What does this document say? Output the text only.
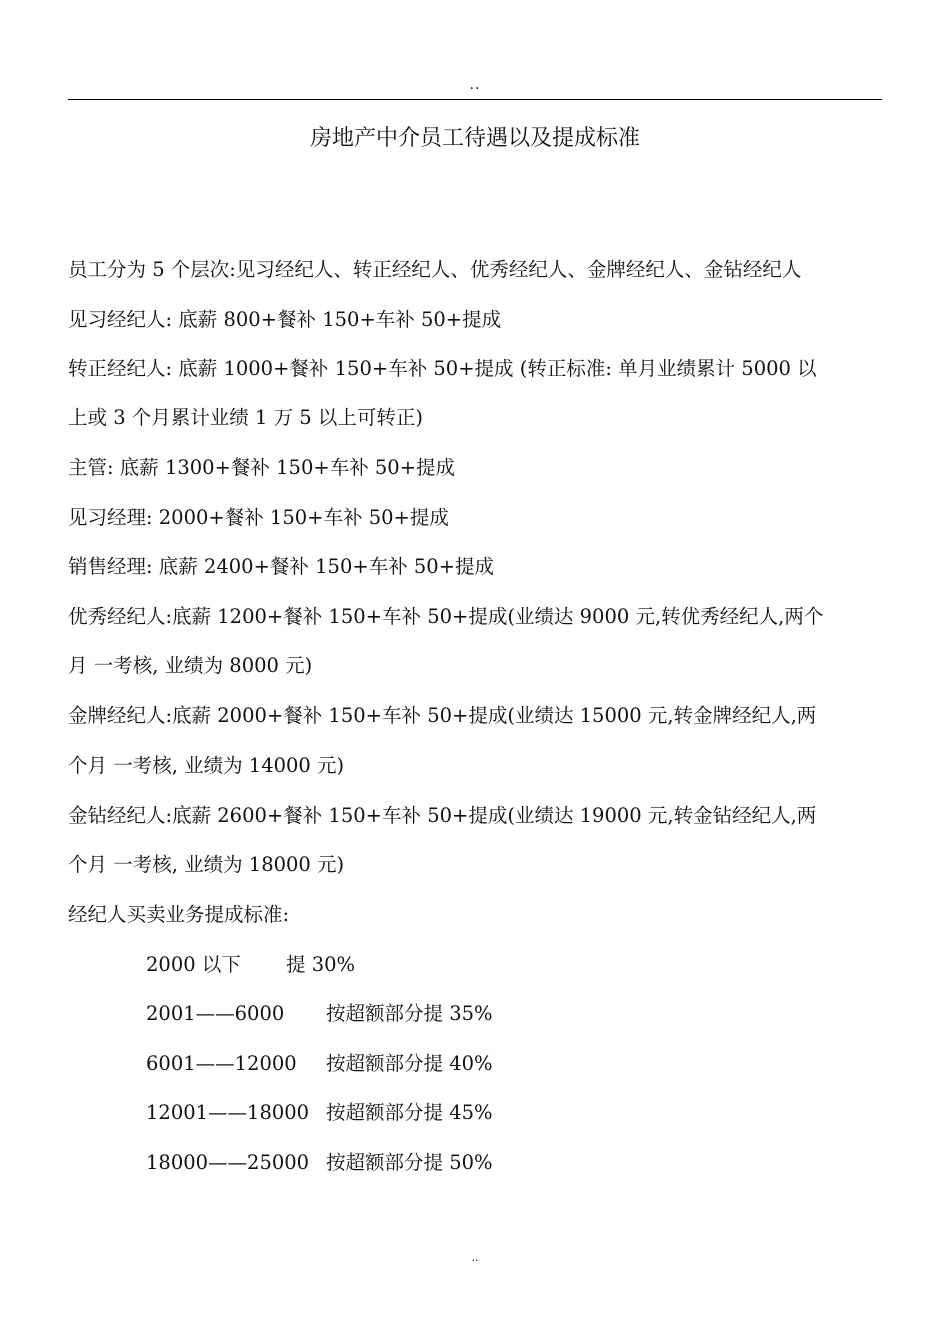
..
房地产中介员工待遇以及提成标准
员工分为 5 个层次:见习经纪人、转正经纪人、优秀经纪人、金牌经纪人、金钻经纪人
见习经纪人: 底薪 800+餐补 150+车补 50+提成
转正经纪人: 底薪 1000+餐补 150+车补 50+提成 (转正标准: 单月业绩累计 5000 以
上或 3 个月累计业绩 1 万 5 以上可转正)
主管: 底薪 1300+餐补 150+车补 50+提成
见习经理: 2000+餐补 150+车补 50+提成
销售经理: 底薪 2400+餐补 150+车补 50+提成
优秀经纪人:底薪 1200+餐补 150+车补 50+提成(业绩达 9000 元,转优秀经纪人,两个
月 一考核, 业绩为 8000 元)
金牌经纪人:底薪 2000+餐补 150+车补 50+提成(业绩达 15000 元,转金牌经纪人,两
个月 一考核, 业绩为 14000 元)
金钻经纪人:底薪 2600+餐补 150+车补 50+提成(业绩达 19000 元,转金钻经纪人,两
个月 一考核, 业绩为 18000 元)
经纪人买卖业务提成标准:
2000 以下 提 30%
2001——6000 按超额部分提 35%
6001——12000 按超额部分提 40%
12001——18000 按超额部分提 45%
18000——25000 按超额部分提 50%
..
